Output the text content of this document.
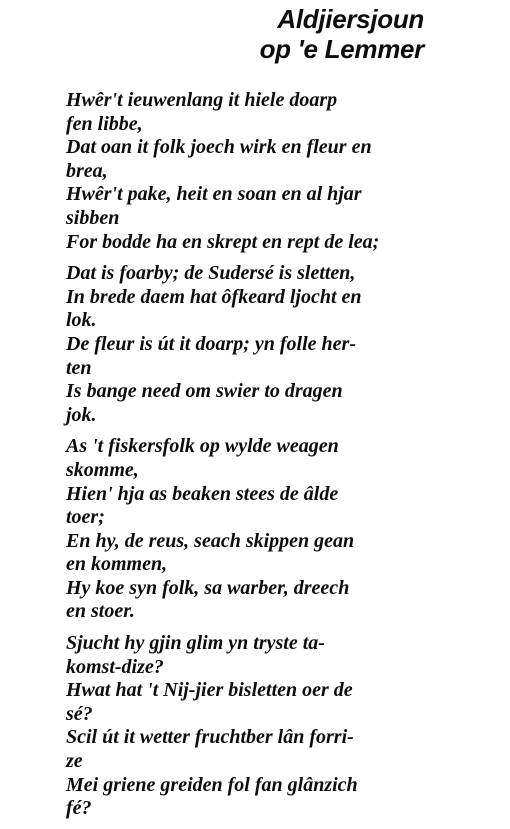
Aldjiersjoun
op 'e Lemmer
Hwêr't ieuwenlang it hiele doarp
fen libbe,
Dat oan it folk joech wirk en fleur en
brea,
Hwêr't pake, heit en soan en al hjar
sibben
For bodde ha en skrept en rept de lea;
Dat is foarby; de Sudersé is sletten,
In brede daem hat ôfkeard ljocht en
lok.
De fleur is út it doarp; yn folle her-
ten
Is bange need om swier to dragen
jok.
As 't fiskersfolk op wylde weagen
skomme,
Hien' hja as beaken stees de âlde
toer;
En hy, de reus, seach skippen gean
en kommen,
Hy koe syn folk, sa warber, dreech
en stoer.
Sjucht hy gjin glim yn tryste ta-
komst-dize?
Hwat hat 't Nij-jier bisletten oer de
sé?
Scil út it wetter fruchtber lân forri-
ze
Mei griene greiden fol fan glânzich
fé?
